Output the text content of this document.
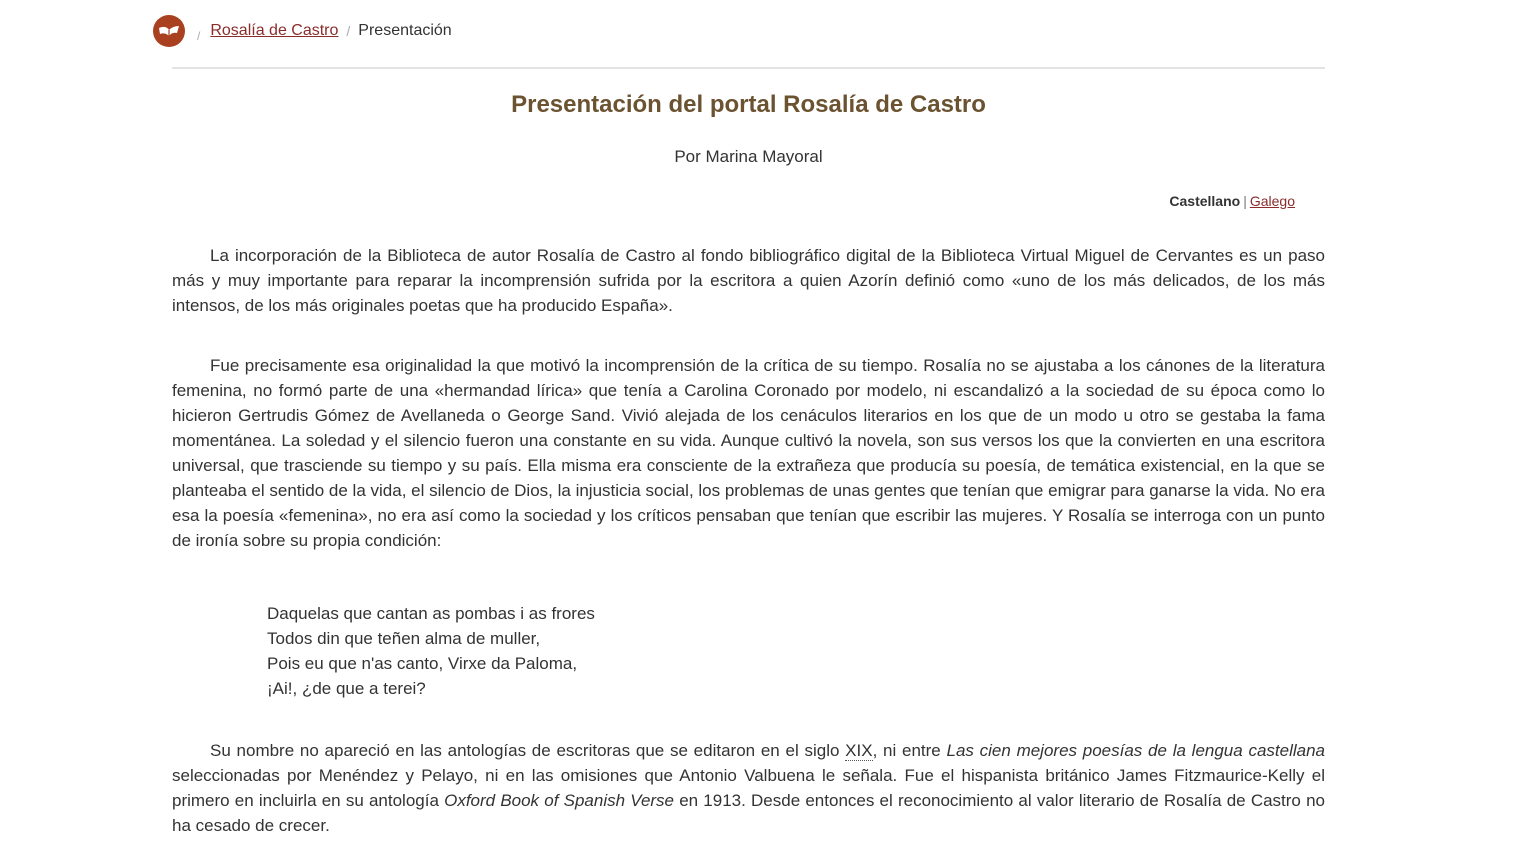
/ Rosalía de Castro / Presentación
Presentación del portal Rosalía de Castro

Por Marina Mayoral

Castellano | Galego

La incorporación de la Biblioteca de autor Rosalía de Castro al fondo bibliográfico digital de la Biblioteca Virtual Miguel de Cervantes es un paso más y muy importante para reparar la incomprensión sufrida por la escritora a quien Azorín definió como «uno de los más delicados, de los más intensos, de los más originales poetas que ha producido España».

Fue precisamente esa originalidad la que motivó la incomprensión de la crítica de su tiempo. Rosalía no se ajustaba a los cánones de la literatura femenina, no formó parte de una «hermandad lírica» que tenía a Carolina Coronado por modelo, ni escandalizó a la sociedad de su época como lo hicieron Gertrudis Gómez de Avellaneda o George Sand. Vivió alejada de los cenáculos literarios en los que de un modo u otro se gestaba la fama momentánea. La soledad y el silencio fueron una constante en su vida. Aunque cultivó la novela, son sus versos los que la convierten en una escritora universal, que trasciende su tiempo y su país. Ella misma era consciente de la extrañeza que producía su poesía, de temática existencial, en la que se planteaba el sentido de la vida, el silencio de Dios, la injusticia social, los problemas de unas gentes que tenían que emigrar para ganarse la vida. No era esa la poesía «femenina», no era así como la sociedad y los críticos pensaban que tenían que escribir las mujeres. Y Rosalía se interroga con un punto de ironía sobre su propia condición:

Daquelas que cantan as pombas i as frores
Todos din que teñen alma de muller,
Pois eu que n'as canto, Virxe da Paloma,
¡Ai!, ¿de que a terei?

Su nombre no apareció en las antologías de escritoras que se editaron en el siglo XIX, ni entre Las cien mejores poesías de la lengua castellana seleccionadas por Menéndez y Pelayo, ni en las omisiones que Antonio Valbuena le señala. Fue el hispanista británico James Fitzmaurice-Kelly el primero en incluirla en su antología Oxford Book of Spanish Verse en 1913. Desde entonces el reconocimiento al valor literario de Rosalía de Castro no ha cesado de crecer.
